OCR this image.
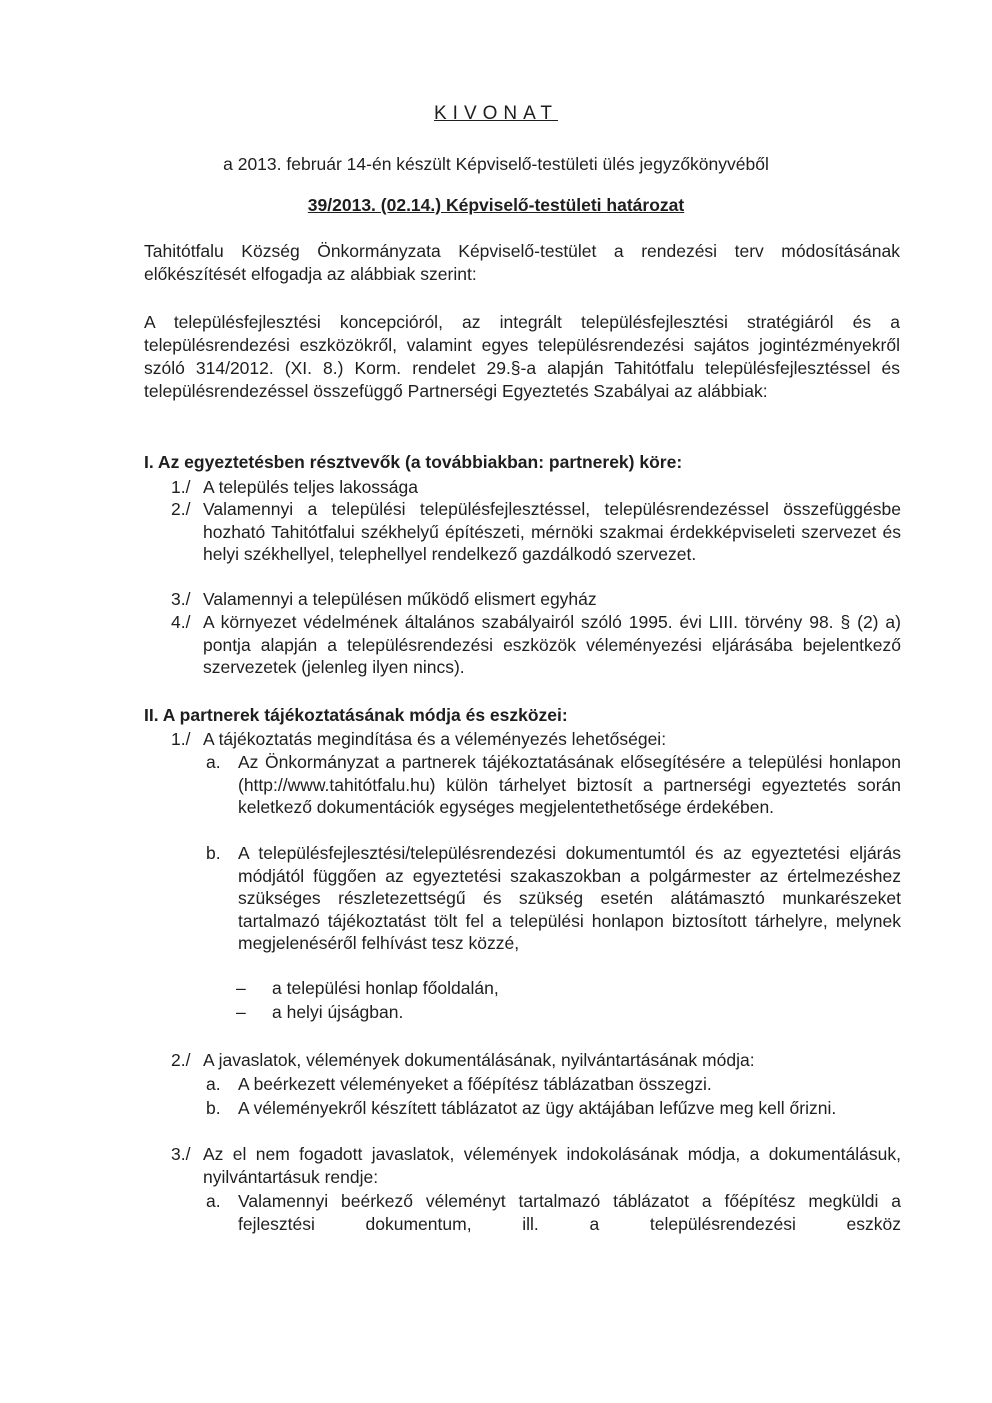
KIVONAT
a 2013. február 14-én készült Képviselő-testületi ülés jegyzőkönyvéből
39/2013. (02.14.) Képviselő-testületi határozat
Tahitótfalu Község Önkormányzata Képviselő-testület a rendezési terv módosításának előkészítését elfogadja az alábbiak szerint:
A településfejlesztési koncepcióról, az integrált településfejlesztési stratégiáról és a településrendezési eszközökről, valamint egyes településrendezési sajátos jogintézményekről szóló 314/2012. (XI. 8.) Korm. rendelet 29.§-a alapján Tahitótfalu településfejlesztéssel és településrendezéssel összefüggő Partnerségi Egyeztetés Szabályai az alábbiak:
I. Az egyeztetésben résztvevők (a továbbiakban: partnerek) köre:
1./ A település teljes lakossága
2./ Valamennyi a települési településfejlesztéssel, településrendezéssel összefüggésbe hozható Tahitótfalui székhelyű építészeti, mérnöki szakmai érdekképviseleti szervezet és helyi székhellyel, telephellyel rendelkező gazdálkodó szervezet.
3./ Valamennyi a településen működő elismert egyház
4./ A környezet védelmének általános szabályairól szóló 1995. évi LIII. törvény 98. § (2) a) pontja alapján a településrendezési eszközök véleményezési eljárásába bejelentkező szervezetek (jelenleg ilyen nincs).
II. A partnerek tájékoztatásának módja és eszközei:
1./ A tájékoztatás megindítása és a véleményezés lehetőségei:
a. Az Önkormányzat a partnerek tájékoztatásának elősegítésére a települési honlapon (http://www.tahitótfalu.hu) külön tárhelyet biztosít a partnerségi egyeztetés során keletkező dokumentációk egységes megjelentethetősége érdekében.
b. A településfejlesztési/településrendezési dokumentumtól és az egyeztetési eljárás módjától függően az egyeztetési szakaszokban a polgármester az értelmezéshez szükséges részletezettségű és szükség esetén alátámasztó munkarészeket tartalmazó tájékoztatást tölt fel a települési honlapon biztosított tárhelyre, melynek megjelenéséről felhívást tesz közzé,
–	a települési honlap főoldalán,
–	a helyi újságban.
2./ A javaslatok, vélemények dokumentálásának, nyilvántartásának módja:
a. A beérkezett véleményeket a főépítész táblázatban összegzi.
b. A véleményekről készített táblázatot az ügy aktájában lefűzve meg kell őrizni.
3./ Az el nem fogadott javaslatok, vélemények indokolásának módja, a dokumentálásuk, nyilvántartásuk rendje:
a. Valamennyi beérkező véleményt tartalmazó táblázatot a főépítész megküldi a fejlesztési dokumentum, ill. a településrendezési eszköz
